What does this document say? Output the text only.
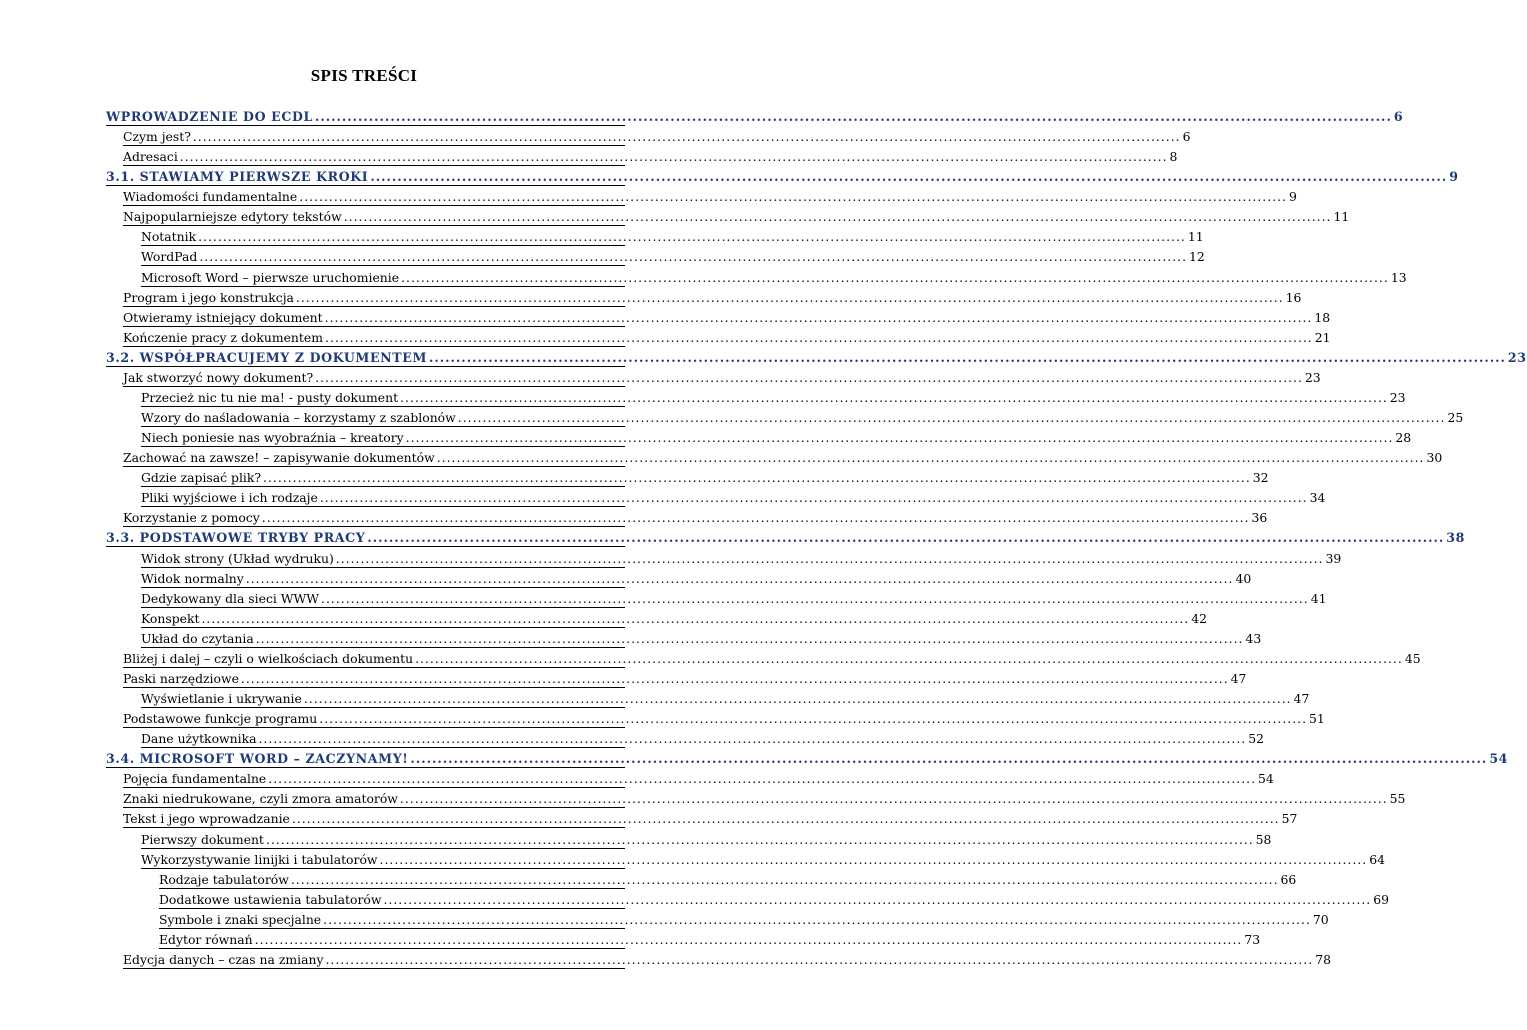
SPIS TREŚCI
WPROWADZENIE DO ECDL ........................................................................................................................................................................................................ 6
Czym jest? ........................................................................................................................................................................................................ 6
Adresaci ........................................................................................................................................................................................................ 8
3.1. STAWIAMY PIERWSZE KROKI ........................................................................................................................................................................................................ 9
Wiadomości fundamentalne ........................................................................................................................................................................................................ 9
Najpopularniejsze edytory tekstów ........................................................................................................................................................................................................ 11
Notatnik ........................................................................................................................................................................................................ 11
WordPad ........................................................................................................................................................................................................ 12
Microsoft Word – pierwsze uruchomienie ........................................................................................................................................................................................................ 13
Program i jego konstrukcja ........................................................................................................................................................................................................ 16
Otwieramy istniejący dokument ........................................................................................................................................................................................................ 18
Kończenie pracy z dokumentem ........................................................................................................................................................................................................ 21
3.2. WSPÓŁPRACUJEMY Z DOKUMENTEM ........................................................................................................................................................................................................ 23
Jak stworzyć nowy dokument? ........................................................................................................................................................................................................ 23
Przecież nic tu nie ma! - pusty dokument ........................................................................................................................................................................................................ 23
Wzory do naśladowania – korzystamy z szablonów ........................................................................................................................................................................................................ 25
Niech poniesie nas wyobraźnia – kreatory ........................................................................................................................................................................................................ 28
Zachować na zawsze! – zapisywanie dokumentów ........................................................................................................................................................................................................ 30
Gdzie zapisać plik? ........................................................................................................................................................................................................ 32
Pliki wyjściowe i ich rodzaje ........................................................................................................................................................................................................ 34
Korzystanie z pomocy ........................................................................................................................................................................................................ 36
3.3. PODSTAWOWE TRYBY PRACY ........................................................................................................................................................................................................ 38
Widok strony (Układ wydruku) ........................................................................................................................................................................................................ 39
Widok normalny ........................................................................................................................................................................................................ 40
Dedykowany dla sieci WWW ........................................................................................................................................................................................................ 41
Konspekt ........................................................................................................................................................................................................ 42
Układ do czytania ........................................................................................................................................................................................................ 43
Bliżej i dalej – czyli o wielkościach dokumentu ........................................................................................................................................................................................................ 45
Paski narzędziowe ........................................................................................................................................................................................................ 47
Wyświetlanie i ukrywanie ........................................................................................................................................................................................................ 47
Podstawowe funkcje programu ........................................................................................................................................................................................................ 51
Dane użytkownika ........................................................................................................................................................................................................ 52
3.4. MICROSOFT WORD – ZACZYNAMY! ........................................................................................................................................................................................................ 54
Pojęcia fundamentalne ........................................................................................................................................................................................................ 54
Znaki niedrukowane, czyli zmora amatorów ........................................................................................................................................................................................................ 55
Tekst i jego wprowadzanie ........................................................................................................................................................................................................ 57
Pierwszy dokument ........................................................................................................................................................................................................ 58
Wykorzystywanie linijki i tabulatorów ........................................................................................................................................................................................................ 64
Rodzaje tabulatorów ........................................................................................................................................................................................................ 66
Dodatkowe ustawienia tabulatorów ........................................................................................................................................................................................................ 69
Symbole i znaki specjalne ........................................................................................................................................................................................................ 70
Edytor równań ........................................................................................................................................................................................................ 73
Edycja danych – czas na zmiany ........................................................................................................................................................................................................ 78
